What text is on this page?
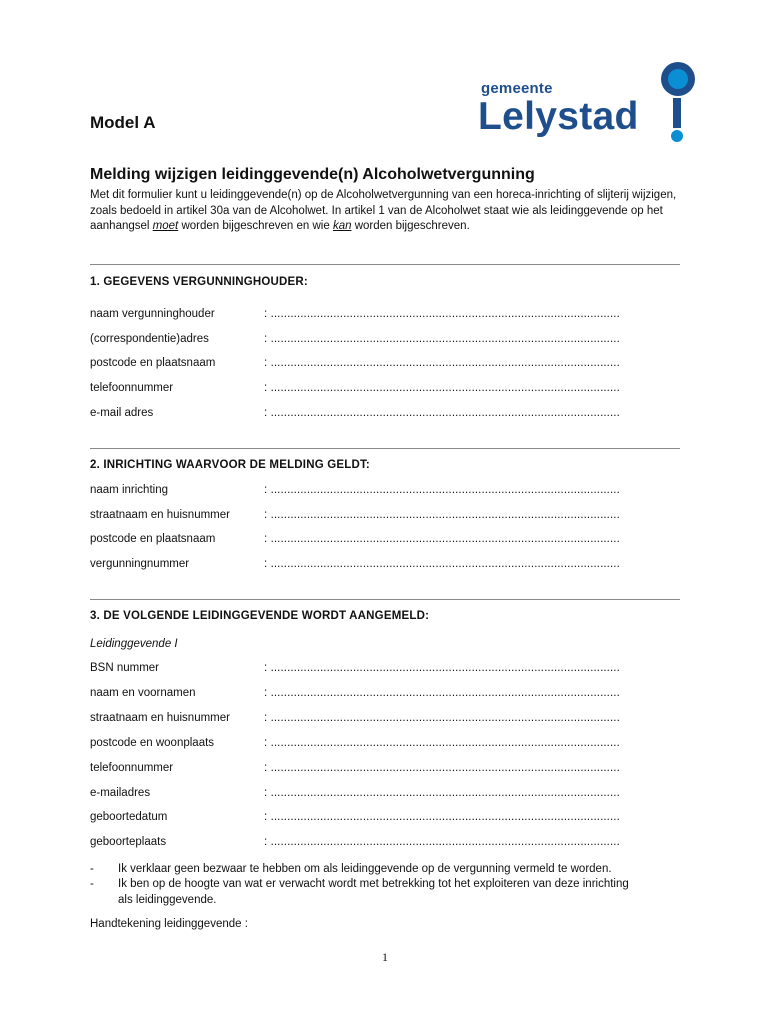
gemeente
Lelystad
Model A
Melding wijzigen leidinggevende(n) Alcoholwetvergunning
Met dit formulier kunt u leidinggevende(n) op de Alcoholwetvergunning van een horeca-inrichting of slijterij wijzigen, zoals bedoeld in artikel 30a van de Alcoholwet. In artikel 1 van de Alcoholwet staat wie als leidinggevende op het aanhangsel moet worden bijgeschreven en wie kan worden bijgeschreven.
1. GEGEVENS VERGUNNINGHOUDER:
naam vergunninghouder	: ..........................................................................................................
(correspondentie)adres	: ..........................................................................................................
postcode en plaatsnaam	: ..........................................................................................................
telefoonnummer	: ..........................................................................................................
e-mail adres	: ..........................................................................................................
2. INRICHTING WAARVOOR DE MELDING GELDT:
naam inrichting	: ..........................................................................................................
straatnaam en huisnummer	: ..........................................................................................................
postcode en plaatsnaam	: ..........................................................................................................
vergunningnummer	: ..........................................................................................................
3. DE VOLGENDE LEIDINGGEVENDE WORDT AANGEMELD:
Leidinggevende I
BSN nummer	: ..........................................................................................................
naam en voornamen	: ..........................................................................................................
straatnaam en huisnummer	: ..........................................................................................................
postcode en woonplaats	: ..........................................................................................................
telefoonnummer	: ..........................................................................................................
e-mailadres	: ..........................................................................................................
geboortedatum	: ..........................................................................................................
geboorteplaats	: ..........................................................................................................
- Ik verklaar geen bezwaar te hebben om als leidinggevende op de vergunning vermeld te worden.
- Ik ben op de hoogte van wat er verwacht wordt met betrekking tot het exploiteren van deze inrichting als leidinggevende.
Handtekening leidinggevende :
1
